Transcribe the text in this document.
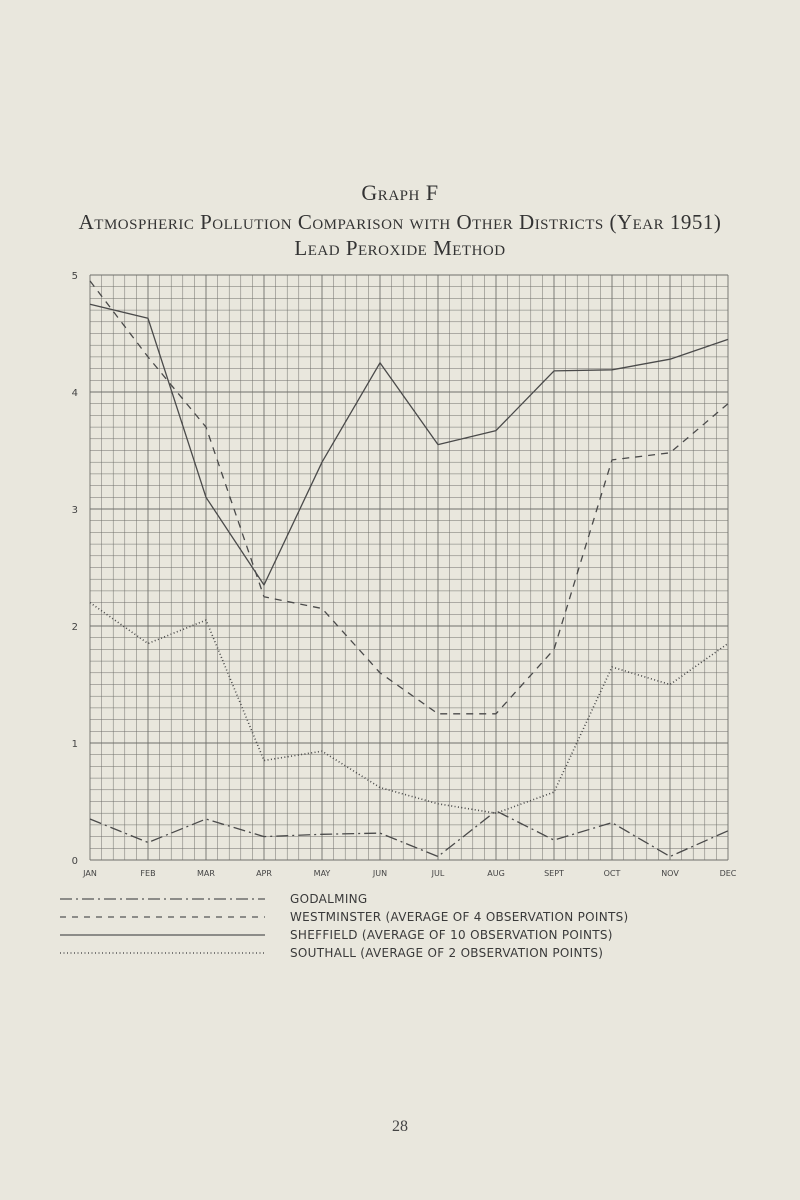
Graph F
Atmospheric Pollution Comparison with Other Districts (Year 1951)
Lead Peroxide Method
0
1
2
3
4
5
JAN	FEB	MAR	APR	MAY	JUN	JUL	AUG	SEPT	OCT	NOV	DEC
GODALMING
WESTMINSTER (AVERAGE OF 4 OBSERVATION POINTS)
SHEFFIELD (AVERAGE OF 10 OBSERVATION POINTS)
SOUTHALL (AVERAGE OF 2 OBSERVATION POINTS)
28
